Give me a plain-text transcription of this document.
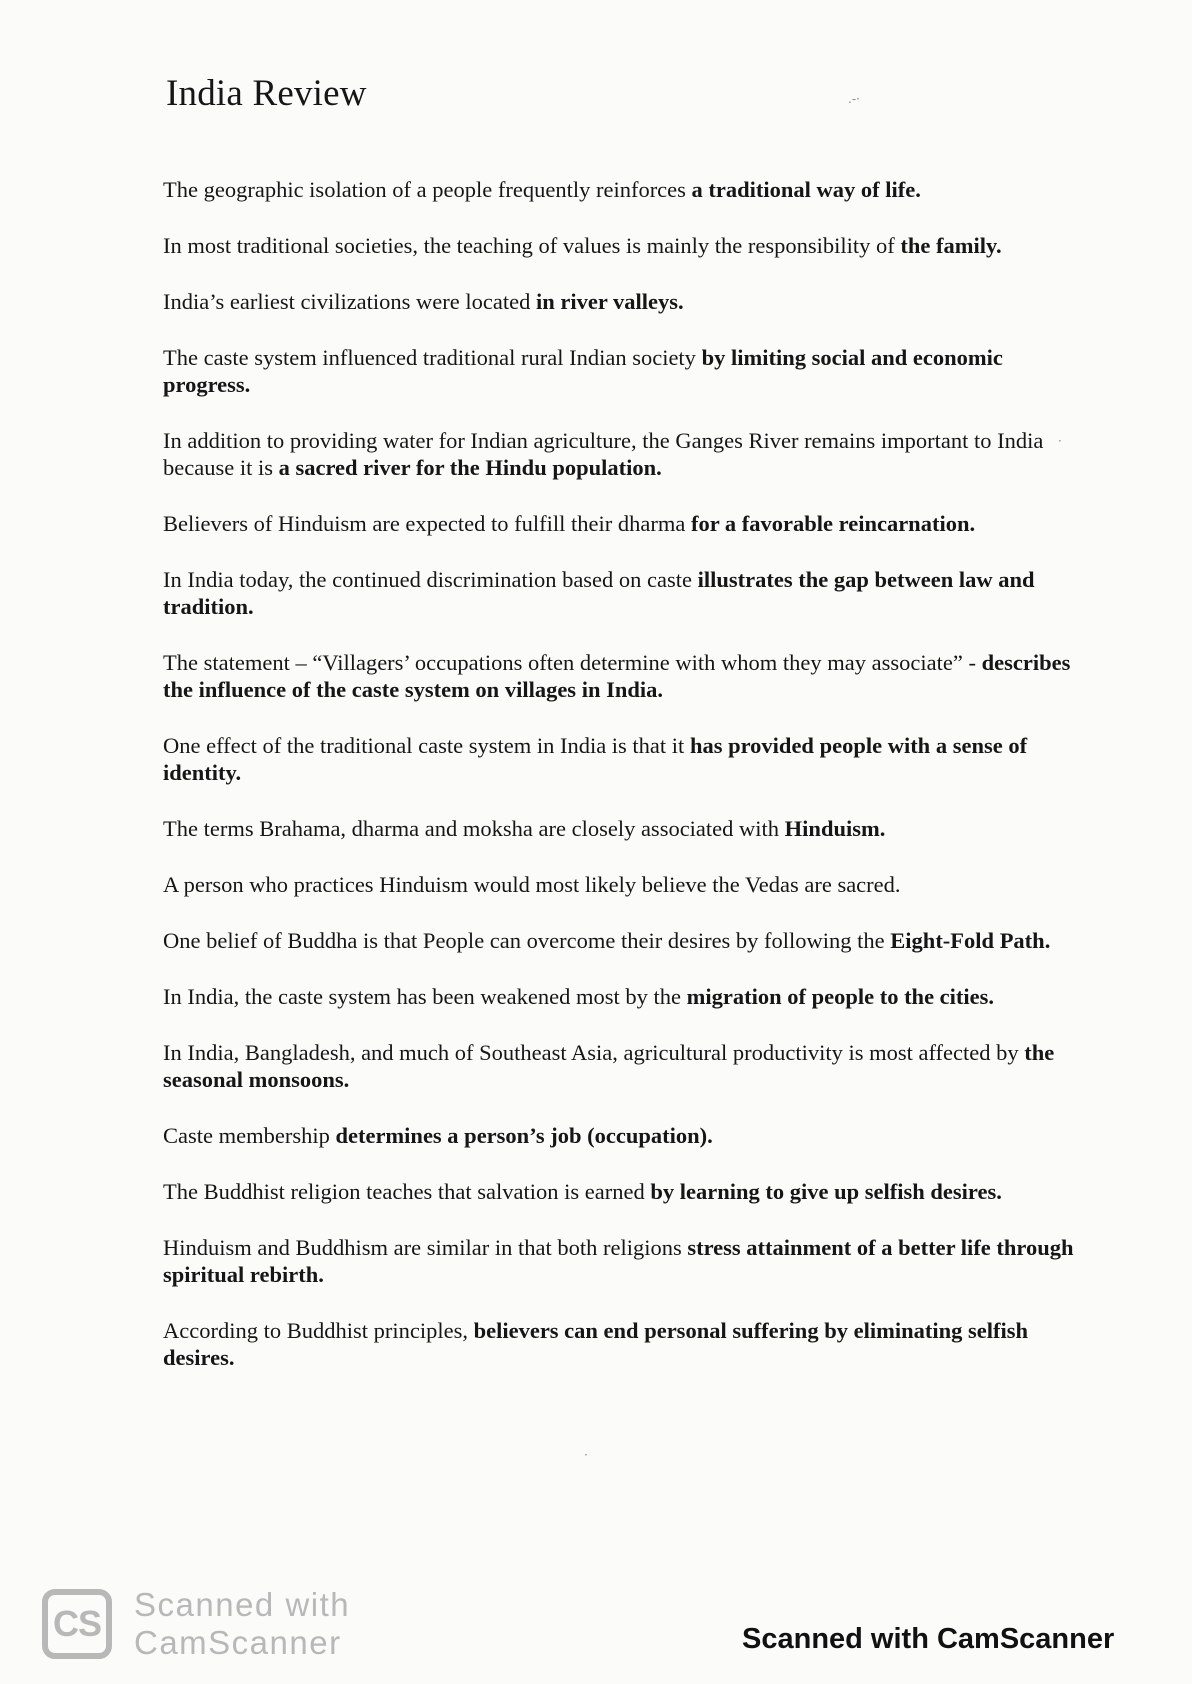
India Review

The geographic isolation of a people frequently reinforces a traditional way of life.

In most traditional societies, the teaching of values is mainly the responsibility of the family.

India’s earliest civilizations were located in river valleys.

The caste system influenced traditional rural Indian society by limiting social and economic progress.

In addition to providing water for Indian agriculture, the Ganges River remains important to India because it is a sacred river for the Hindu population.

Believers of Hinduism are expected to fulfill their dharma for a favorable reincarnation.

In India today, the continued discrimination based on caste illustrates the gap between law and tradition.

The statement – “Villagers’ occupations often determine with whom they may associate” - describes the influence of the caste system on villages in India.

One effect of the traditional caste system in India is that it has provided people with a sense of identity.

The terms Brahama, dharma and moksha are closely associated with Hinduism.

A person who practices Hinduism would most likely believe the Vedas are sacred.

One belief of Buddha is that People can overcome their desires by following the Eight-Fold Path.

In India, the caste system has been weakened most by the migration of people to the cities.

In India, Bangladesh, and much of Southeast Asia, agricultural productivity is most affected by the seasonal monsoons.

Caste membership determines a person’s job (occupation).

The Buddhist religion teaches that salvation is earned by learning to give up selfish desires.

Hinduism and Buddhism are similar in that both religions stress attainment of a better life through spiritual rebirth.

According to Buddhist principles, believers can end personal suffering by eliminating selfish desires.

CS	Scanned with
CamScanner	Scanned with CamScanner
.-·
·
·
